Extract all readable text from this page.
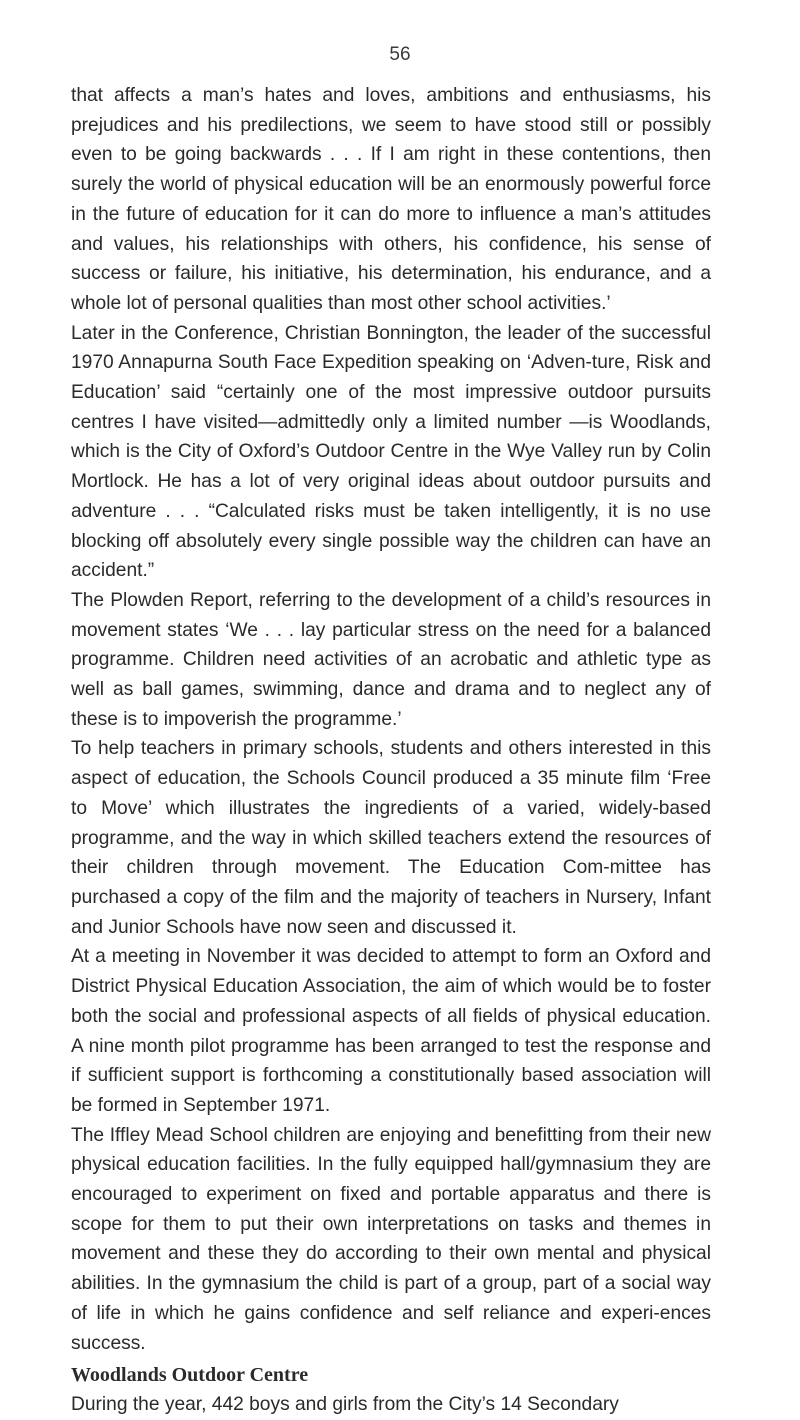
56

that affects a man’s hates and loves, ambitions and enthusiasms, his prejudices and his predilections, we seem to have stood still or possibly even to be going backwards . . . If I am right in these contentions, then surely the world of physical education will be an enormously powerful force in the future of education for it can do more to influence a man’s attitudes and values, his relationships with others, his confidence, his sense of success or failure, his initiative, his determination, his endurance, and a whole lot of personal qualities than most other school activities.’

Later in the Conference, Christian Bonnington, the leader of the successful 1970 Annapurna South Face Expedition speaking on ‘Adven-ture, Risk and Education’ said “certainly one of the most impressive outdoor pursuits centres I have visited—admittedly only a limited number —is Woodlands, which is the City of Oxford’s Outdoor Centre in the Wye Valley run by Colin Mortlock. He has a lot of very original ideas about outdoor pursuits and adventure . . . “Calculated risks must be taken intelligently, it is no use blocking off absolutely every single possible way the children can have an accident.”

The Plowden Report, referring to the development of a child’s resources in movement states ‘We . . . lay particular stress on the need for a balanced programme. Children need activities of an acrobatic and athletic type as well as ball games, swimming, dance and drama and to neglect any of these is to impoverish the programme.’

To help teachers in primary schools, students and others interested in this aspect of education, the Schools Council produced a 35 minute film ‘Free to Move’ which illustrates the ingredients of a varied, widely-based programme, and the way in which skilled teachers extend the resources of their children through movement. The Education Com-mittee has purchased a copy of the film and the majority of teachers in Nursery, Infant and Junior Schools have now seen and discussed it.

At a meeting in November it was decided to attempt to form an Oxford and District Physical Education Association, the aim of which would be to foster both the social and professional aspects of all fields of physical education. A nine month pilot programme has been arranged to test the response and if sufficient support is forthcoming a constitutionally based association will be formed in September 1971.

The Iffley Mead School children are enjoying and benefitting from their new physical education facilities. In the fully equipped hall/gymnasium they are encouraged to experiment on fixed and portable apparatus and there is scope for them to put their own interpretations on tasks and themes in movement and these they do according to their own mental and physical abilities. In the gymnasium the child is part of a group, part of a social way of life in which he gains confidence and self reliance and experi-ences success.

Woodlands Outdoor Centre

During the year, 442 boys and girls from the City’s 14 Secondary
